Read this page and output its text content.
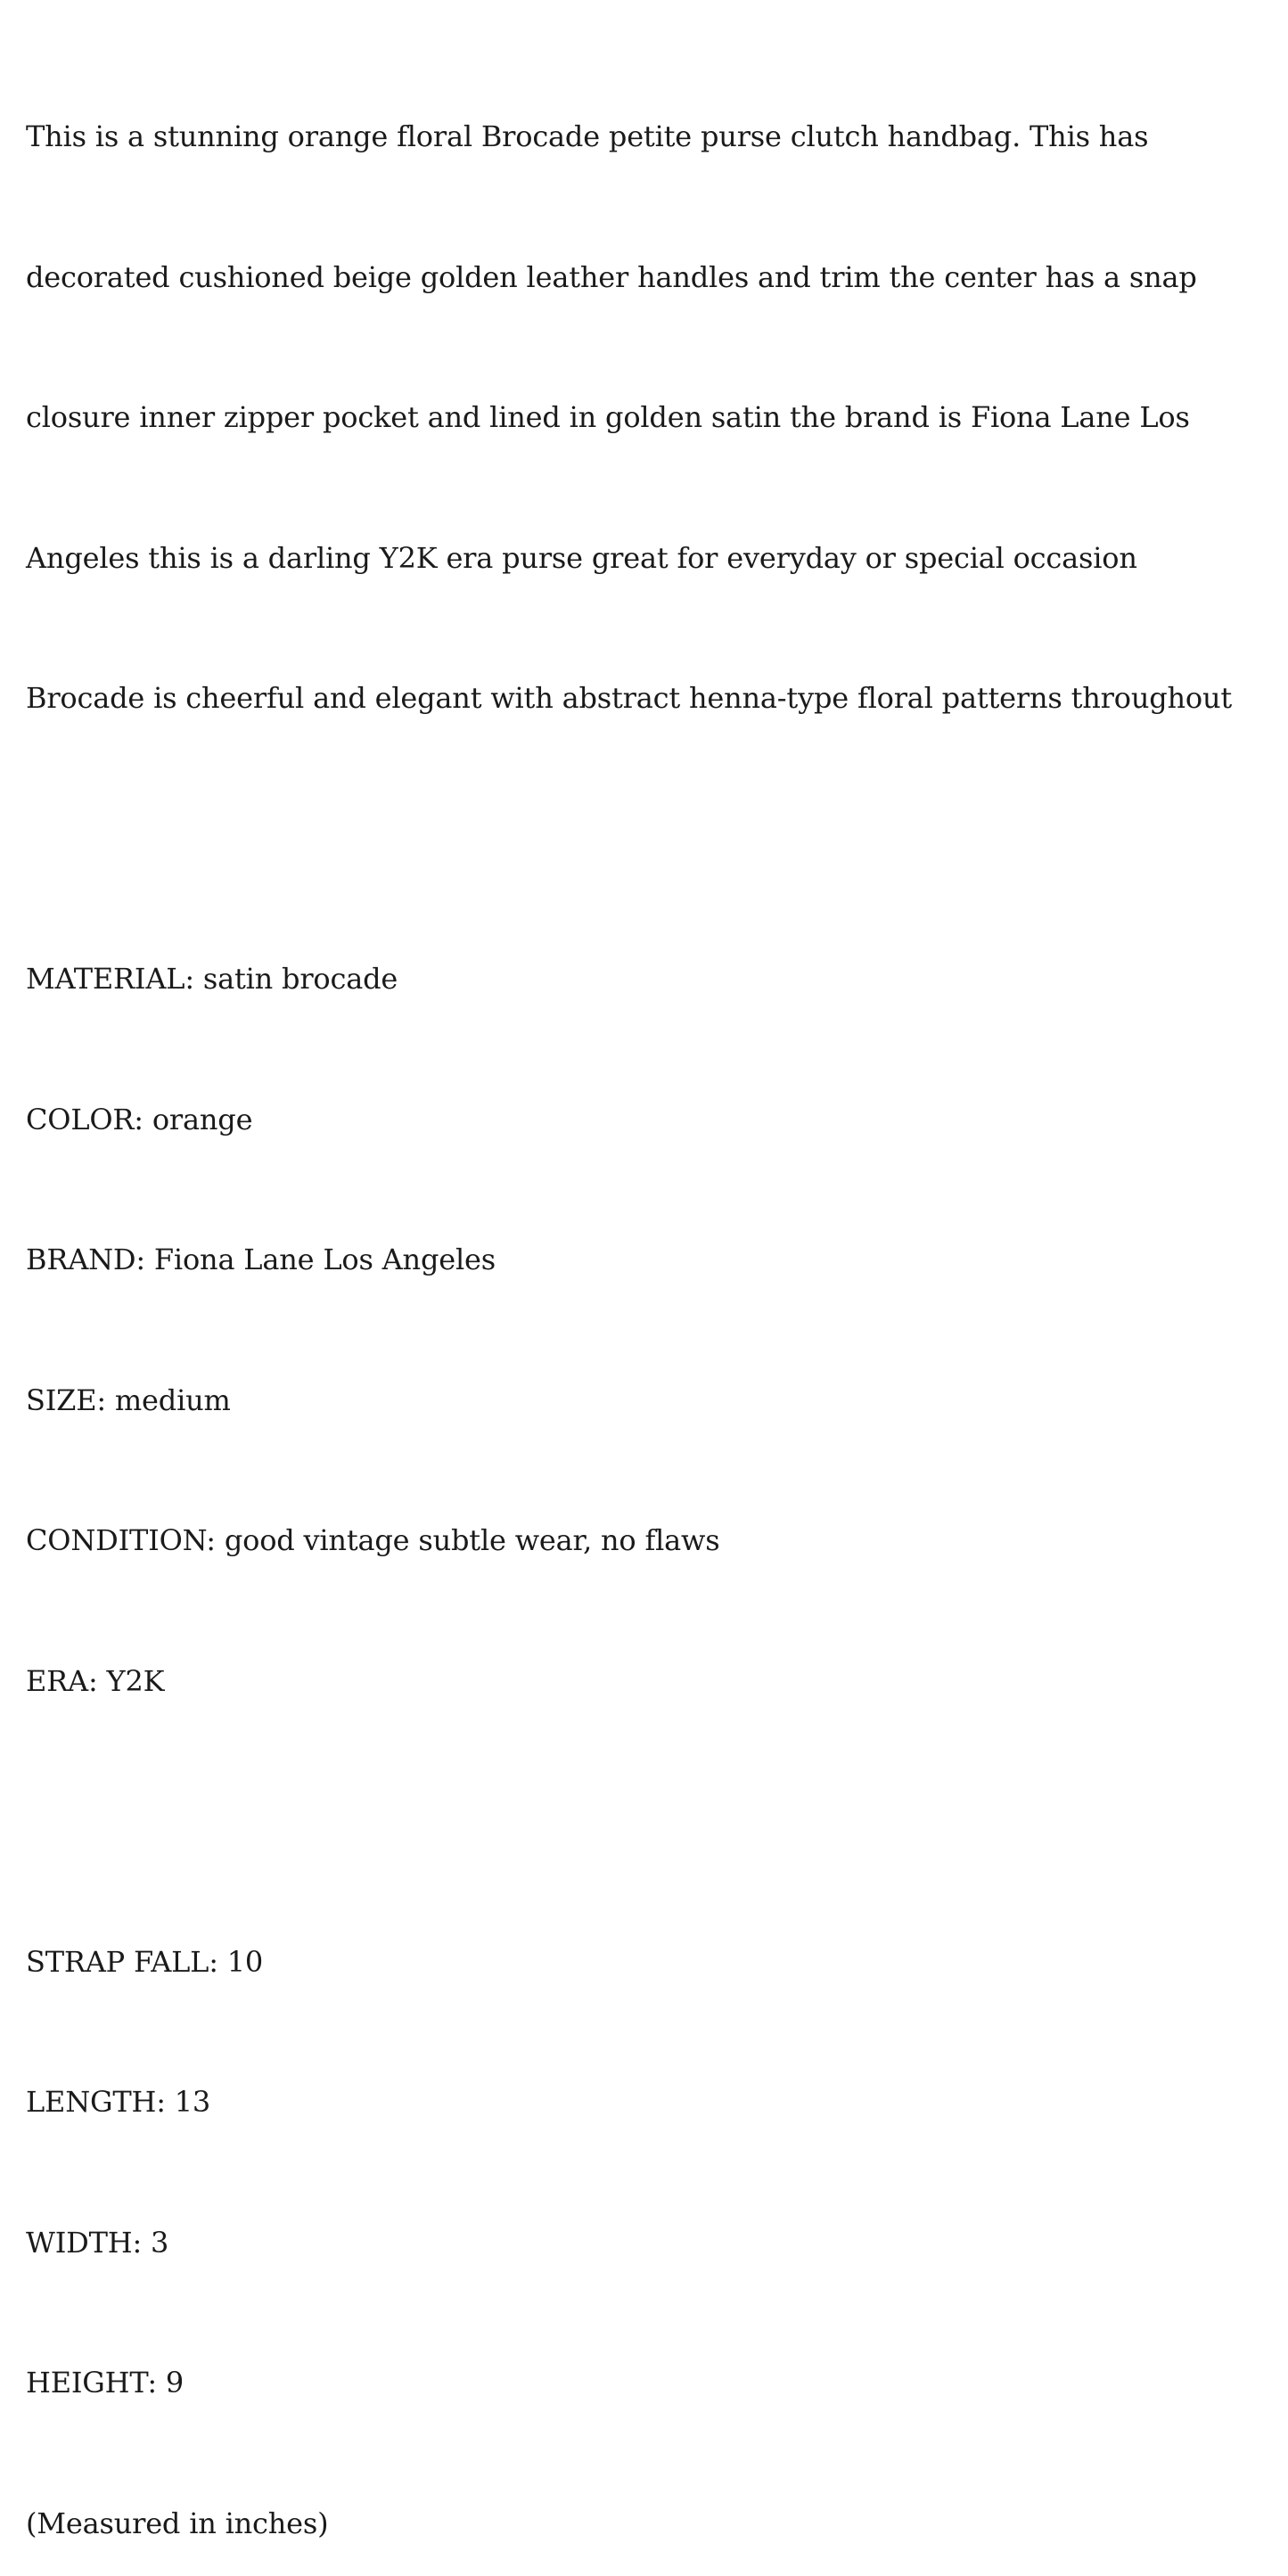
This is a stunning orange floral Brocade petite purse clutch handbag. This has

decorated cushioned beige golden leather handles and trim the center has a snap

closure inner zipper pocket and lined in golden satin the brand is Fiona Lane Los

Angeles this is a darling Y2K era purse great for everyday or special occasion

Brocade is cheerful and elegant with abstract henna-type floral patterns throughout

MATERIAL: satin brocade

COLOR: orange

BRAND: Fiona Lane Los Angeles

SIZE: medium

CONDITION: good vintage subtle wear, no flaws

ERA: Y2K

STRAP FALL: 10

LENGTH: 13

WIDTH: 3

HEIGHT: 9

(Measured in inches)
